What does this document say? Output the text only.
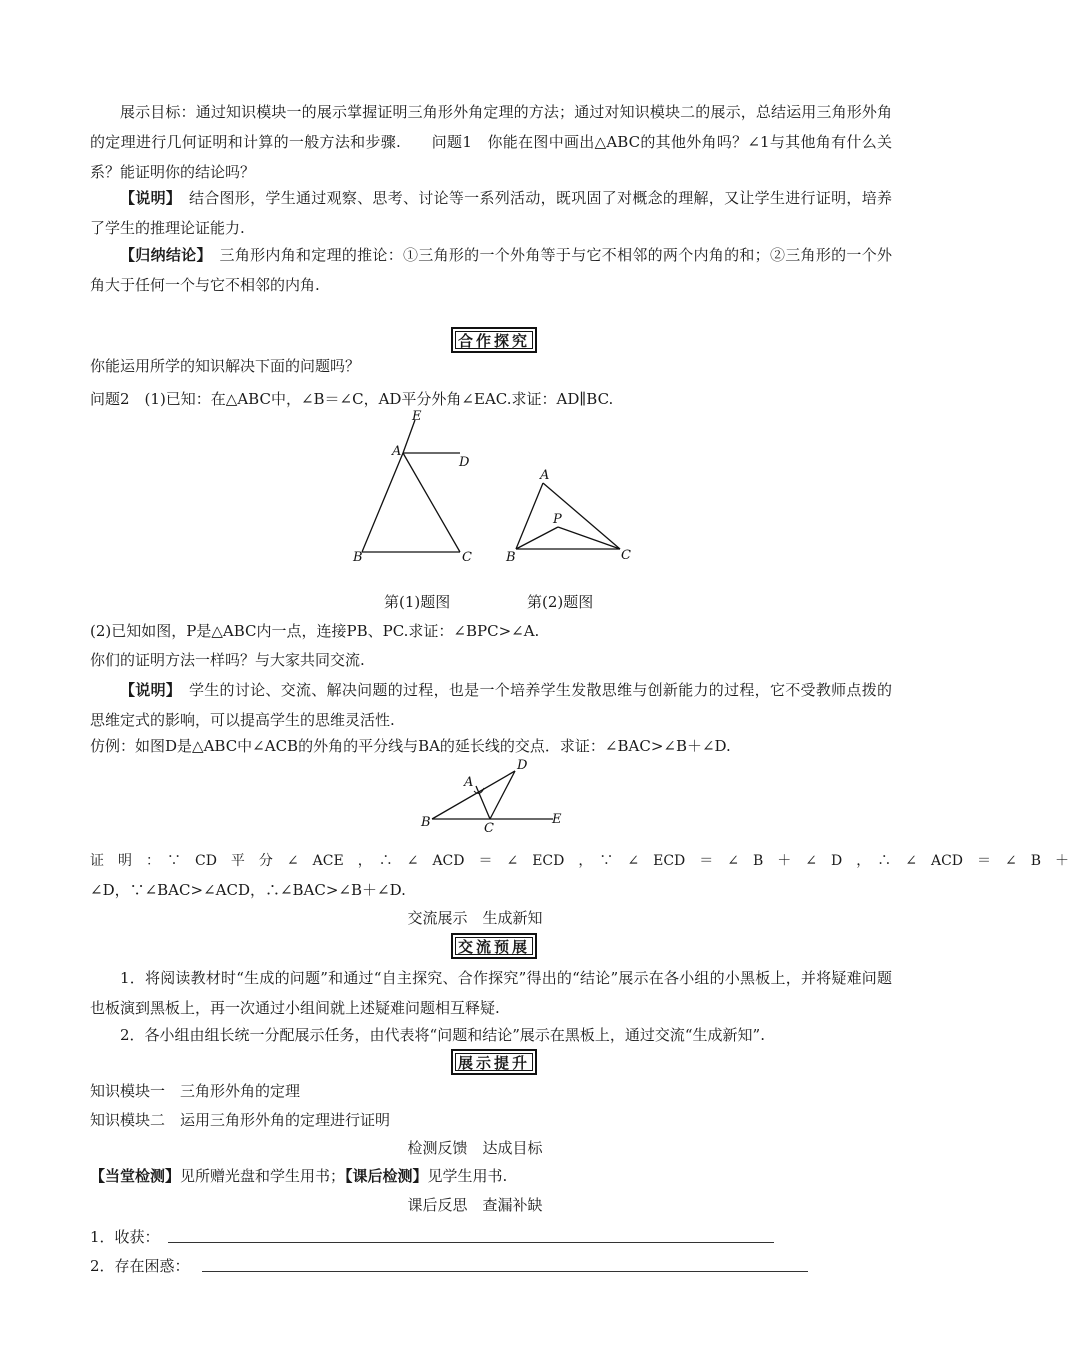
展示目标：通过知识模块一的展示掌握证明三角形外角定理的方法；通过对知识模块二的展示，总结运用三角形外角的定理进行几何证明和计算的一般方法和步骤.　　问题1　你能在图中画出△ABC的其他外角吗？∠1与其他角有什么关系？能证明你的结论吗？
【说明】　结合图形，学生通过观察、思考、讨论等一系列活动，既巩固了对概念的理解，又让学生进行证明，培养了学生的推理论证能力.
【归纳结论】　三角形内角和定理的推论：①三角形的一个外角等于与它不相邻的两个内角的和；②三角形的一个外角大于任何一个与它不相邻的内角.
合作探究
你能运用所学的知识解决下面的问题吗？
问题2　(1)已知：在△ABC中，∠B＝∠C，AD平分外角∠EAC.求证：AD∥BC.
E
A
D
B	C
A
P
B	C
第(1)题图	第(2)题图
(2)已知如图，P是△ABC内一点，连接PB、PC.求证：∠BPC>∠A.
你们的证明方法一样吗？与大家共同交流.
【说明】　学生的讨论、交流、解决问题的过程，也是一个培养学生发散思维与创新能力的过程，它不受教师点拨的思维定式的影响，可以提高学生的思维灵活性.
仿例：如图D是△ABC中∠ACB的外角的平分线与BA的延长线的交点．求证：∠BAC>∠B＋∠D.
D
A
B	C
E
证　明　：　∵　CD　平　分　∠　ACE　，　∴　∠　ACD　＝　∠　ECD　，　∵　∠　ECD　＝　∠　B　＋　∠　D　，　∴　∠　ACD　＝　∠　B　＋
∠D，∵∠BAC>∠ACD，∴∠BAC>∠B＋∠D.
交流展示　生成新知
交流预展
1．将阅读教材时“生成的问题”和通过“自主探究、合作探究”得出的“结论”展示在各小组的小黑板上，并将疑难问题也板演到黑板上，再一次通过小组间就上述疑难问题相互释疑.
2．各小组由组长统一分配展示任务，由代表将“问题和结论”展示在黑板上，通过交流“生成新知”.
展示提升
知识模块一　三角形外角的定理
知识模块二　运用三角形外角的定理进行证明
检测反馈　达成目标
【当堂检测】见所赠光盘和学生用书；【课后检测】见学生用书.
课后反思　查漏补缺
1．收获：
2．存在困惑：
